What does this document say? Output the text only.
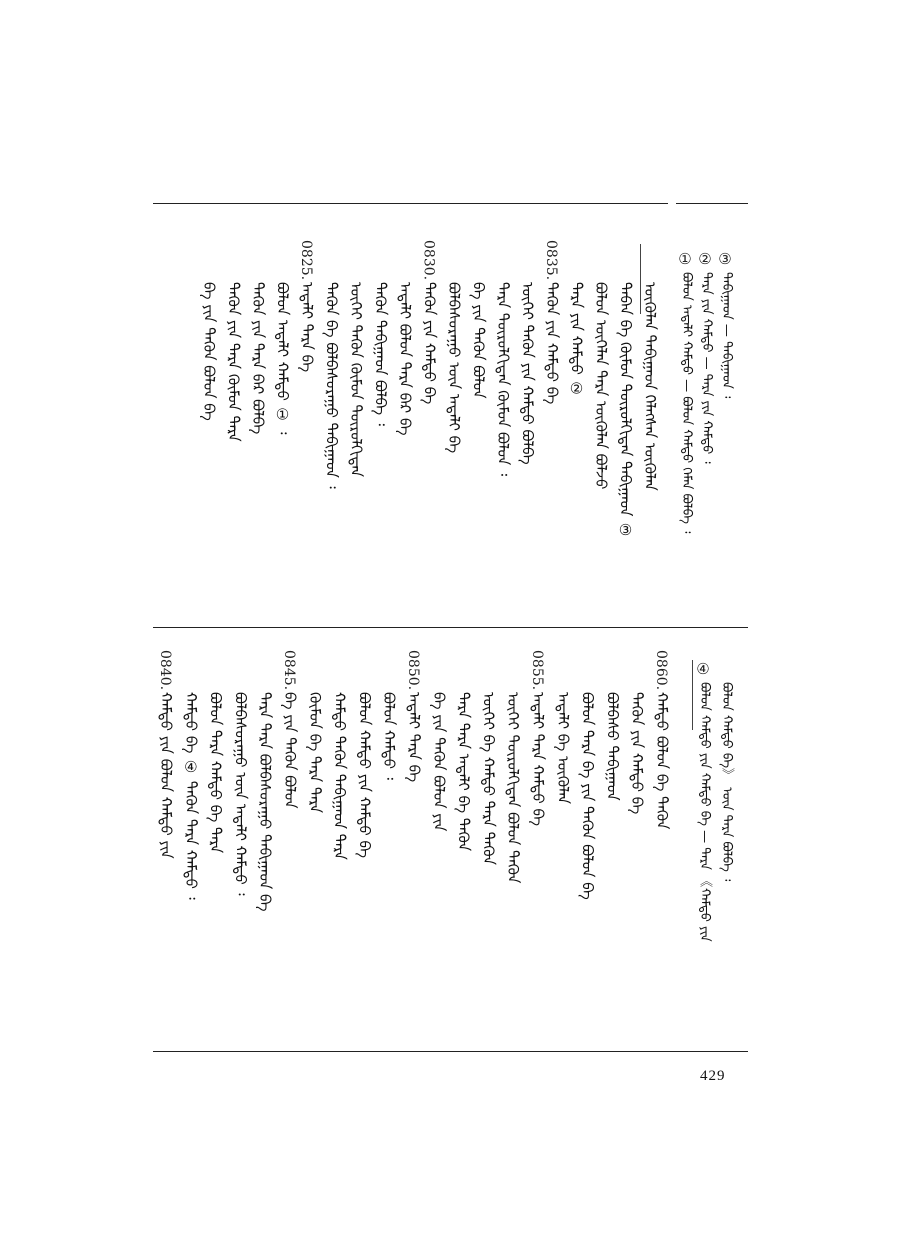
ᠲᠠᠪᠢᠭᠠᠳ — ᠲᠠᠪᠢᠭᠠᠳ ᠄
③
ᠲᠡᠷᠡ ᠶᠢᠨ ᠬᠠᠮᠲᠤ — ᠲᠡᠷᠡ ᠶᠢᠨ ᠬᠠᠮᠲᠤ ᠄
②
ᠪᠣᠯᠤᠨ ᠠᠳᠠᠯᠢ ᠬᠠᠮᠲᠤ — ᠪᠣᠯᠤᠨ ᠬᠠᠮᠲᠤ ᠬᠡᠮᠡᠨ ᠪᠣᠯᠪᠠ ᠄
①
ᠦᠭᠦᠯᠡᠨ ᠲᠠᠪᠢᠭᠠᠳ ᠬᠡᠯᠡᠭᠰᠡᠨ ᠦᠬᠦᠯᠡᠨ
ᠲᠠᠪᠠᠨ ᠪᠠ ᠬᠦᠮᠦᠨ ᠲᠦᠷᠦᠯᠬᠢᠲᠡᠨ ᠲᠠᠪᠢᠭᠠᠳ ③
ᠪᠣᠯᠤᠨ ᠦᠬᠡᠯᠡᠨ ᠲᠡᠷᠡ ᠦᠬᠦᠯᠡᠨ ᠪᠣᠯᠵᠤ
ᠲᠡᠷᠡ ᠶᠢᠨ ᠬᠠᠮᠲᠤ ②
0835.
ᠲᠡᠭᠦᠨ ᠶᠢᠨ ᠬᠠᠮᠲᠤ ᠪᠠ
ᠦᠭᠡᠢ ᠲᠡᠭᠦᠨ ᠶᠢᠨ ᠬᠠᠮᠲᠤ ᠪᠣᠯᠪᠠ
ᠲᠡᠷᠡ ᠲᠦᠷᠦᠯᠬᠢᠲᠡᠨ ᠬᠦᠮᠦᠨ ᠪᠣᠯᠤᠨ ᠄
ᠪᠠ ᠶᠢᠨ ᠲᠡᠭᠦᠨ ᠪᠣᠯᠤᠨ
ᠪᠣᠯᠪᠠᠰᠤᠷᠠᠭᠤ ᠦᠨ ᠠᠳᠠᠯᠢ ᠪᠠ
0830.
ᠲᠡᠭᠦᠨ ᠶᠢᠨ ᠬᠠᠮᠲᠤ ᠪᠠ
ᠠᠳᠠᠯᠢ ᠪᠣᠯᠤᠨ ᠲᠡᠷᠡ ᠪᠠᠷ ᠪᠠ
ᠲᠡᠭᠦᠨ ᠲᠠᠪᠢᠭᠠᠳ ᠪᠣᠯᠪᠠ ᠄
ᠦᠭᠡᠢ ᠲᠡᠭᠦᠨ ᠬᠦᠮᠦᠨ ᠲᠦᠷᠦᠯᠬᠢᠲᠡᠨ
ᠲᠡᠭᠦᠨ ᠪᠠ ᠪᠣᠯᠪᠠᠰᠤᠷᠠᠭᠤ ᠲᠠᠪᠢᠭᠠᠳ ᠄
0825.
ᠠᠳᠠᠯᠢ ᠲᠡᠷᠡ ᠪᠠ
ᠪᠣᠯᠤᠨ ᠠᠳᠠᠯᠢ ᠬᠠᠮᠲᠤ ① ᠄
ᠲᠡᠭᠦᠨ ᠶᠢᠨ ᠲᠡᠷᠡ ᠪᠠᠷ ᠪᠣᠯᠪᠠ
ᠲᠡᠭᠦᠨ ᠶᠢᠨ ᠲᠡᠷᠡ ᠬᠦᠮᠦᠨ ᠲᠡᠷᠡ
ᠪᠠ ᠶᠢᠨ ᠲᠡᠭᠦᠨ ᠪᠣᠯᠤᠨ ᠪᠠ
ᠪᠣᠯᠤᠨ ᠬᠠᠮᠲᠤ ᠪᠠ》 ᠦᠨ ᠲᠡᠷᠡ ᠪᠣᠯᠪᠠ ᠄
ᠪᠣᠯᠤᠨ ᠬᠠᠮᠲᠤ ᠶᠢᠨ ᠬᠠᠮᠲᠤ ᠪᠠ — ᠲᠡᠷᠡ 《ᠬᠠᠮᠲᠤ ᠶᠢᠨ
④
0860.
ᠬᠠᠮᠲᠤ ᠪᠣᠯᠤᠨ ᠪᠠ ᠲᠡᠭᠦᠨ
ᠲᠡᠭᠦᠨ ᠶᠢᠨ ᠬᠠᠮᠲᠤ ᠪᠠ
ᠪᠣᠯᠪᠠᠰᠤ ᠲᠠᠪᠢᠭᠠᠳ
ᠪᠣᠯᠤᠨ ᠲᠡᠷᠡ ᠪᠠ ᠶᠢᠨ ᠲᠡᠭᠦᠨ ᠪᠣᠯᠤᠨ ᠪᠠ
ᠠᠳᠠᠯᠢ ᠪᠠ ᠦᠭᠦᠯᠡᠨ
0855.
ᠠᠳᠠᠯᠢ ᠲᠡᠷᠡ ᠬᠠᠮᠲᠤ ᠪᠠ
ᠦᠭᠡᠢ ᠲᠦᠷᠦᠯᠬᠢᠲᠡᠨ ᠪᠣᠯᠤᠨ ᠲᠡᠭᠦᠨ
ᠦᠭᠡᠢ ᠪᠠ ᠬᠠᠮᠲᠤ ᠲᠡᠷᠡ ᠲᠡᠭᠦᠨ
ᠲᠡᠷᠡ ᠲᠡᠷᠡ ᠠᠳᠠᠯᠢ ᠪᠠ ᠲᠡᠭᠦᠨ
ᠪᠠ ᠶᠢᠨ ᠲᠡᠭᠦᠨ ᠪᠣᠯᠤᠨ ᠶᠢᠨ
0850.
ᠠᠳᠠᠯᠢ ᠲᠡᠷᠡ ᠪᠠ
ᠪᠣᠯᠤᠨ ᠬᠠᠮᠲᠤ ᠄
ᠪᠣᠯᠤᠨ ᠬᠠᠮᠲᠤ ᠶᠢᠨ ᠬᠠᠮᠲᠤ ᠪᠠ
ᠬᠠᠮᠲᠤ ᠲᠡᠭᠦᠨ ᠲᠠᠪᠢᠭᠠᠳ ᠲᠡᠷᠡ
ᠬᠦᠮᠦᠨ ᠪᠠ ᠲᠡᠷᠡ ᠲᠡᠷᠡ
0845.
ᠪᠠ ᠶᠢᠨ ᠲᠡᠭᠦᠨ ᠪᠣᠯᠤᠨ
ᠲᠡᠷᠡ ᠲᠡᠷᠡ ᠪᠣᠯᠪᠠᠰᠤᠷᠠᠭᠤ ᠲᠠᠪᠢᠭᠠᠳ ᠪᠠ
ᠪᠣᠯᠪᠠᠰᠤᠷᠠᠭᠤ ᠦᠨ ᠠᠳᠠᠯᠢ ᠬᠠᠮᠲᠤ ᠄
ᠪᠣᠯᠤᠨ ᠲᠡᠷᠡ ᠬᠠᠮᠲᠤ ᠪᠠ ᠲᠡᠷᠡ
ᠬᠠᠮᠲᠤ ᠪᠠ ④ ᠲᠡᠭᠦᠨ ᠲᠡᠷᠡ ᠬᠠᠮᠲᠤ ᠄
0840.
ᠬᠠᠮᠲᠤ ᠶᠢᠨ ᠪᠣᠯᠤᠨ ᠬᠠᠮᠲᠤ ᠶᠢᠨ
429
